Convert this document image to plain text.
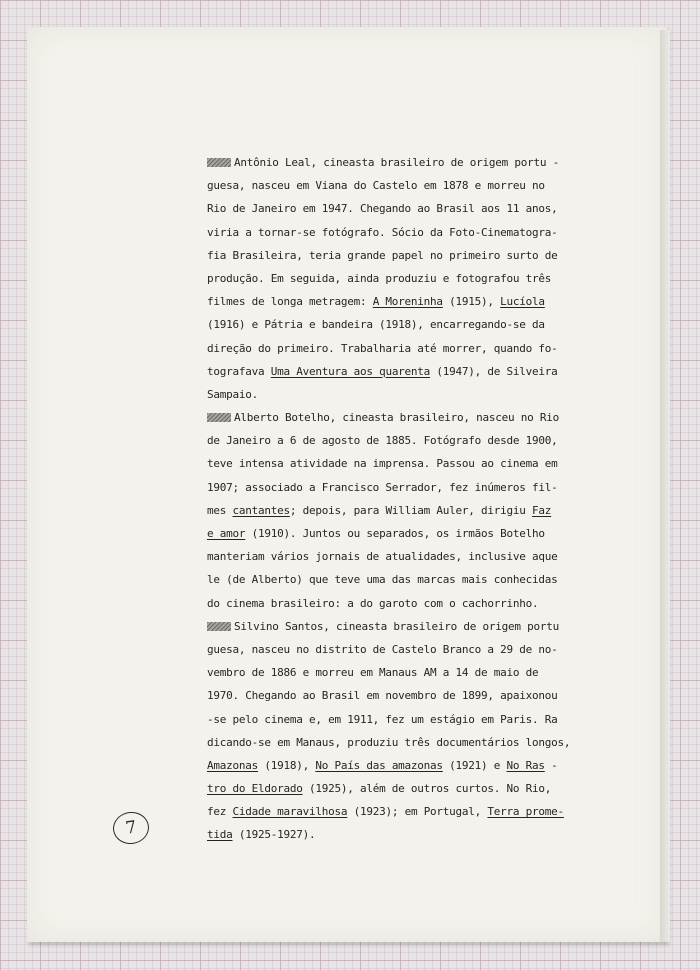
Antônio Leal, cineasta brasileiro de origem portu -
guesa, nasceu em Viana do Castelo em 1878 e morreu no
Rio de Janeiro em 1947. Chegando ao Brasil aos 11 anos,
viria a tornar-se fotógrafo. Sócio da Foto-Cinematogra-
fia Brasileira, teria grande papel no primeiro surto de
produção. Em seguida, ainda produziu e fotografou três
filmes de longa metragem: A Moreninha (1915), Lucíola
(1916) e Pátria e bandeira (1918), encarregando-se da
direção do primeiro. Trabalharia até morrer, quando fo-
tografava Uma Aventura aos quarenta (1947), de Silveira
Sampaio.
Alberto Botelho, cineasta brasileiro, nasceu no Rio
de Janeiro a 6 de agosto de 1885. Fotógrafo desde 1900,
teve intensa atividade na imprensa. Passou ao cinema em
1907; associado a Francisco Serrador, fez inúmeros fil-
mes cantantes; depois, para William Auler, dirigiu Faz
e amor (1910). Juntos ou separados, os irmãos Botelho
manteriam vários jornais de atualidades, inclusive aque
le (de Alberto) que teve uma das marcas mais conhecidas
do cinema brasileiro: a do garoto com o cachorrinho.
Silvino Santos, cineasta brasileiro de origem portu
guesa, nasceu no distrito de Castelo Branco a 29 de no-
vembro de 1886 e morreu em Manaus AM a 14 de maio de
1970. Chegando ao Brasil em novembro de 1899, apaixonou
-se pelo cinema e, em 1911, fez um estágio em Paris. Ra
dicando-se em Manaus, produziu três documentários longos,
Amazonas (1918), No País das amazonas (1921) e No Ras -
tro do Eldorado (1925), além de outros curtos. No Rio,
fez Cidade maravilhosa (1923); em Portugal, Terra prome-
tida (1925-1927).
7
